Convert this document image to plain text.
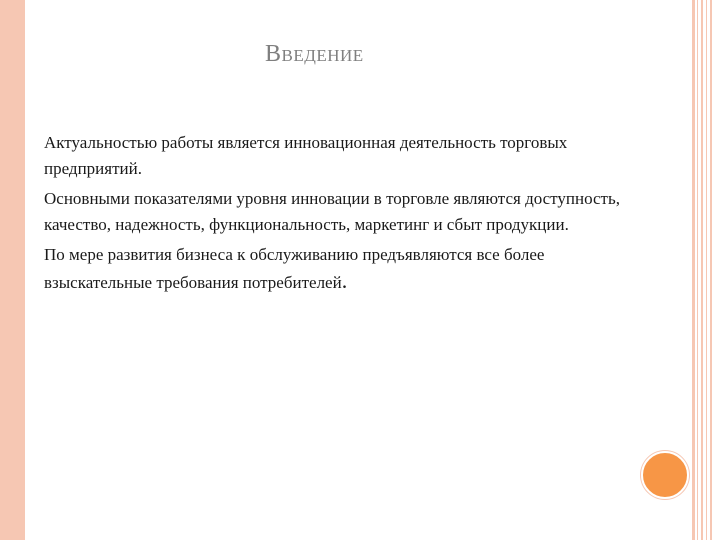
ВВЕДЕНИЕ

Актуальностью работы является инновационная деятельность торговых предприятий.

Основными показателями уровня инновации в торговле являются доступность, качество, надежность, функциональность, маркетинг и сбыт продукции.

По мере развития бизнеса к обслуживанию предъявляются все более взыскательные требования потребителей.
